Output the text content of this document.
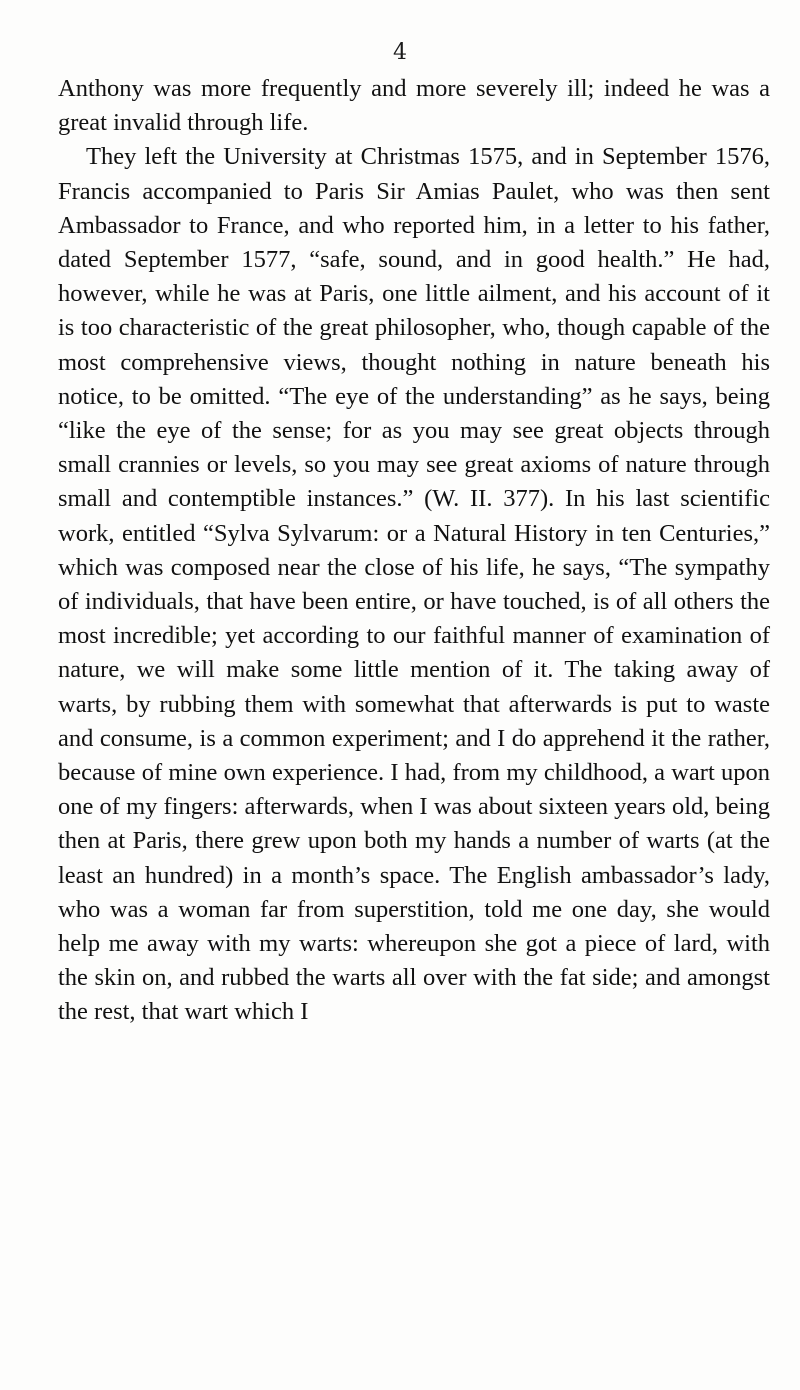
4

Anthony was more frequently and more severely ill; indeed he was a great invalid through life.

They left the University at Christmas 1575, and in September 1576, Francis accompanied to Paris Sir Amias Paulet, who was then sent Ambassador to France, and who reported him, in a letter to his father, dated September 1577, “safe, sound, and in good health.” He had, however, while he was at Paris, one little ailment, and his account of it is too characteristic of the great philosopher, who, though capable of the most comprehensive views, thought nothing in nature beneath his notice, to be omitted. “The eye of the understanding” as he says, being “like the eye of the sense; for as you may see great objects through small crannies or levels, so you may see great axioms of nature through small and contemptible instances.” (W. II. 377). In his last scientific work, entitled “Sylva Sylvarum: or a Natural History in ten Centuries,” which was composed near the close of his life, he says, “The sympathy of individuals, that have been entire, or have touched, is of all others the most incredible; yet according to our faithful manner of examination of nature, we will make some little mention of it. The taking away of warts, by rubbing them with somewhat that afterwards is put to waste and consume, is a common experiment; and I do apprehend it the rather, because of mine own experience. I had, from my childhood, a wart upon one of my fingers: afterwards, when I was about sixteen years old, being then at Paris, there grew upon both my hands a number of warts (at the least an hundred) in a month’s space. The English ambassador’s lady, who was a woman far from superstition, told me one day, she would help me away with my warts: whereupon she got a piece of lard, with the skin on, and rubbed the warts all over with the fat side; and amongst the rest, that wart which I
